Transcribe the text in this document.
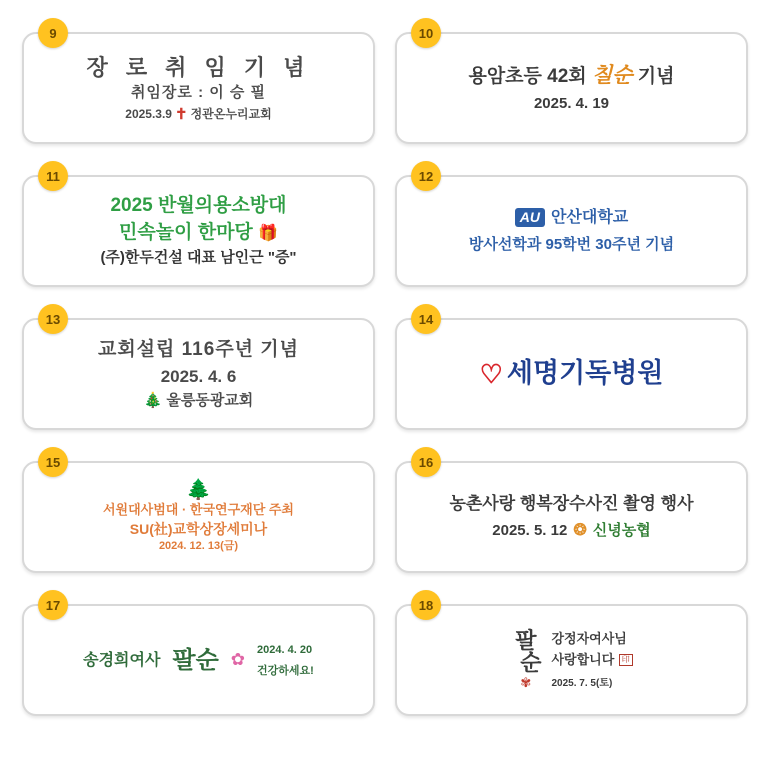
9
장 로 취 임 기 념
취임장로 : 이 승 필
2025.3.9 ✝ 정관온누리교회
10
용암초등 42회 칠순 기념
2025. 4. 19
11
2025 반월의용소방대
민속놀이 한마당 🎁
(주)한두건설 대표 남인근 "증"
12
AU 안산대학교
방사선학과 95학번 30주년 기념
13
교회설립 116주년 기념
2025. 4. 6
🎄 울릉동광교회
14
♡ 세명기독병원
15
🌲
서원대사범대 · 한국연구재단 주최
SU(社)교학상장세미나
2024. 12. 13(금)
16
농촌사랑 행복장수사진 촬영 행사
2025. 5. 12 ❂ 신녕농협
17
송경희여사 팔순 ✿
2024. 4. 20
건강하세요!
18
팔
순
✾
강정자여사님
사랑합니다 印
2025. 7. 5(토)
